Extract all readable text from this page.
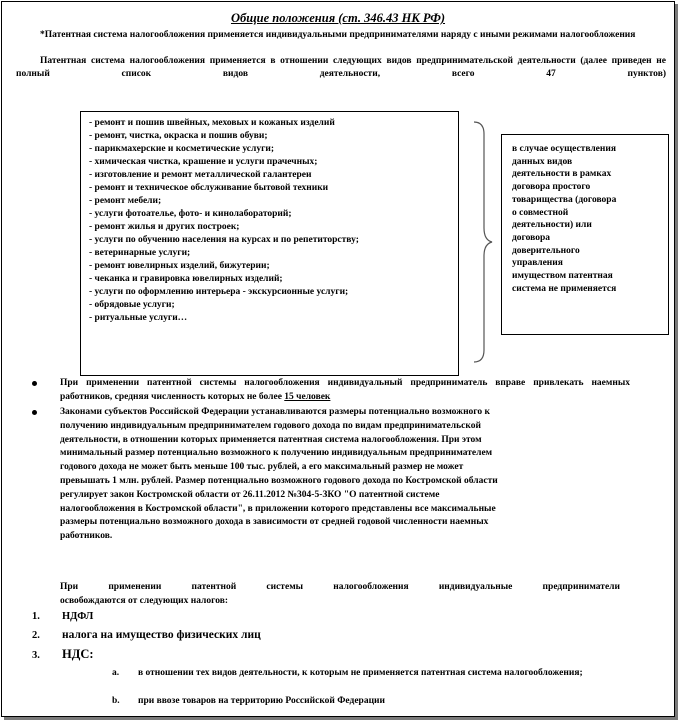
Общие положения (ст. 346.43 НК РФ)

*Патентная система налогообложения применяется индивидуальными предпринимателями наряду с иными режимами налогообложения

Патентная система налогообложения применяется в отношении следующих видов предпринимательской деятельности (далее приведен не полный список видов деятельности, всего 47 пунктов)

- ремонт и пошив швейных, меховых и кожаных изделий
- ремонт, чистка, окраска и пошив обуви;
- парикмахерские и косметические услуги;
- химическая чистка, крашение и услуги прачечных;
- изготовление и ремонт металлической галантереи
- ремонт и техническое обслуживание бытовой техники
- ремонт мебели;
- услуги фотоателье, фото- и кинолабораторий;
- ремонт жилья и других построек;
- услуги по обучению населения на курсах и по репетиторству;
- ветеринарные услуги;
- ремонт ювелирных изделий, бижутерии;
- чеканка и гравировка ювелирных изделий;
- услуги по оформлению интерьера - экскурсионные услуги;
- обрядовые услуги;
- ритуальные услуги…

в случае осуществления данных видов деятельности в рамках договора простого товарищества (договора о совместной деятельности) или договора доверительного управления имуществом патентная система не применяется

При применении патентной системы налогообложения индивидуальный предприниматель вправе привлекать наемных работников, средняя численность которых не более 15 человек
Законами субъектов Российской Федерации устанавливаются размеры потенциально возможного к
получению индивидуальным предпринимателем годового дохода по видам предпринимательской
деятельности, в отношении которых применяется патентная система налогообложения. При этом
минимальный размер потенциально возможного к получению индивидуальным предпринимателем
годового дохода не может быть меньше 100 тыс. рублей, а его максимальный размер не может
превышать 1 млн. рублей. Размер потенциально возможного годового дохода по Костромской области
регулирует закон Костромской области от 26.11.2012 №304-5-ЗКО "О патентной системе
налогообложения в Костромской области", в приложении которого представлены все максимальные
размеры потенциально возможного дохода в зависимости от средней годовой численности наемных
работников.
При применении патентной системы налогообложения индивидуальные предприниматели
освобождаются от следующих налогов:
1. НДФЛ
2. налога на имущество физических лиц
3. НДС:
a.	в отношении тех видов деятельности, к которым не применяется патентная система налогообложения;
b.	при ввозе товаров на территорию Российской Федерации
